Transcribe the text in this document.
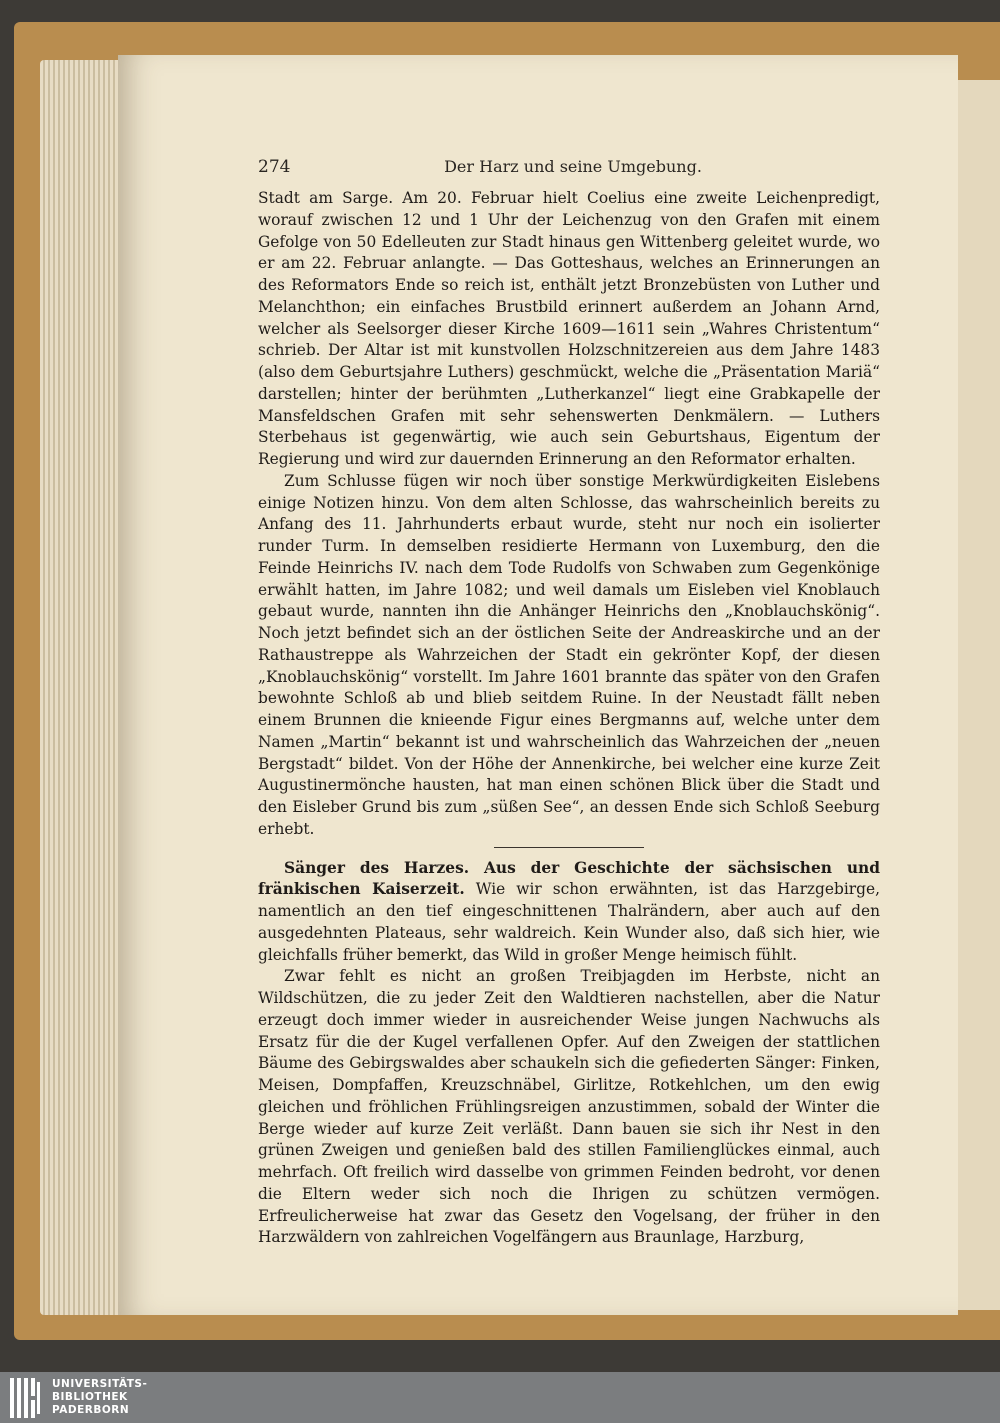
274	Der Harz und seine Umgebung.

Stadt am Sarge. Am 20. Februar hielt Coelius eine zweite Leichenpredigt, worauf zwischen 12 und 1 Uhr der Leichenzug von den Grafen mit einem Gefolge von 50 Edelleuten zur Stadt hinaus gen Wittenberg geleitet wurde, wo er am 22. Februar anlangte. — Das Gotteshaus, welches an Erinnerungen an des Reformators Ende so reich ist, enthält jetzt Bronzebüsten von Luther und Melanchthon; ein einfaches Brustbild erinnert außerdem an Johann Arnd, welcher als Seelsorger dieser Kirche 1609—1611 sein „Wahres Christentum“ schrieb. Der Altar ist mit kunstvollen Holzschnitzereien aus dem Jahre 1483 (also dem Geburtsjahre Luthers) geschmückt, welche die „Präsentation Mariä“ darstellen; hinter der berühmten „Lutherkanzel“ liegt eine Grabkapelle der Mansfeldschen Grafen mit sehr sehenswerten Denkmälern. — Luthers Sterbehaus ist gegenwärtig, wie auch sein Geburtshaus, Eigentum der Regierung und wird zur dauernden Erinnerung an den Reformator erhalten.

Zum Schlusse fügen wir noch über sonstige Merkwürdigkeiten Eislebens einige Notizen hinzu. Von dem alten Schlosse, das wahrscheinlich bereits zu Anfang des 11. Jahrhunderts erbaut wurde, steht nur noch ein isolierter runder Turm. In demselben residierte Hermann von Luxemburg, den die Feinde Heinrichs IV. nach dem Tode Rudolfs von Schwaben zum Gegenkönige erwählt hatten, im Jahre 1082; und weil damals um Eisleben viel Knoblauch gebaut wurde, nannten ihn die Anhänger Heinrichs den „Knoblauchskönig“. Noch jetzt befindet sich an der östlichen Seite der Andreaskirche und an der Rathaustreppe als Wahrzeichen der Stadt ein gekrönter Kopf, der diesen „Knoblauchskönig“ vorstellt. Im Jahre 1601 brannte das später von den Grafen bewohnte Schloß ab und blieb seitdem Ruine. In der Neustadt fällt neben einem Brunnen die knieende Figur eines Bergmanns auf, welche unter dem Namen „Martin“ bekannt ist und wahrscheinlich das Wahrzeichen der „neuen Bergstadt“ bildet. Von der Höhe der Annenkirche, bei welcher eine kurze Zeit Augustinermönche hausten, hat man einen schönen Blick über die Stadt und den Eisleber Grund bis zum „süßen See“, an dessen Ende sich Schloß Seeburg erhebt.

Sänger des Harzes. Aus der Geschichte der sächsischen und fränkischen Kaiserzeit. Wie wir schon erwähnten, ist das Harzgebirge, namentlich an den tief eingeschnittenen Thalrändern, aber auch auf den ausgedehnten Plateaus, sehr waldreich. Kein Wunder also, daß sich hier, wie gleichfalls früher bemerkt, das Wild in großer Menge heimisch fühlt.

Zwar fehlt es nicht an großen Treibjagden im Herbste, nicht an Wildschützen, die zu jeder Zeit den Waldtieren nachstellen, aber die Natur erzeugt doch immer wieder in ausreichender Weise jungen Nachwuchs als Ersatz für die der Kugel verfallenen Opfer. Auf den Zweigen der stattlichen Bäume des Gebirgswaldes aber schaukeln sich die gefiederten Sänger: Finken, Meisen, Dompfaffen, Kreuzschnäbel, Girlitze, Rotkehlchen, um den ewig gleichen und fröhlichen Frühlingsreigen anzustimmen, sobald der Winter die Berge wieder auf kurze Zeit verläßt. Dann bauen sie sich ihr Nest in den grünen Zweigen und genießen bald des stillen Familienglückes einmal, auch mehrfach. Oft freilich wird dasselbe von grimmen Feinden bedroht, vor denen die Eltern weder sich noch die Ihrigen zu schützen vermögen. Erfreulicherweise hat zwar das Gesetz den Vogelsang, der früher in den Harzwäldern von zahlreichen Vogelfängern aus Braunlage, Harzburg,

UNIVERSITÄTS-
BIBLIOTHEK
PADERBORN
